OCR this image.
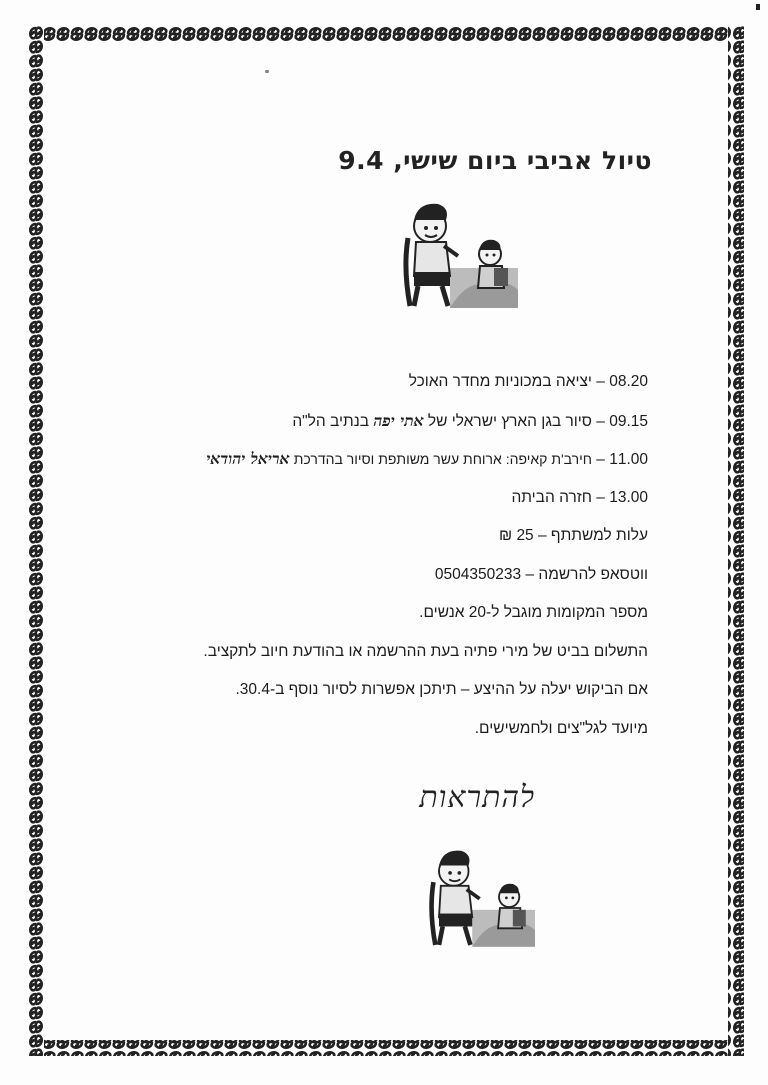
טיול אביבי ביום שישי, 9.4
08.20 – יציאה במכוניות מחדר האוכל
09.15 – סיור בגן הארץ ישראלי של אתי יפה בנתיב הל"ה
11.00 – חירב'ת קאיפה: ארוחת עשר משותפת וסיור בהדרכת אריאל יהודאי
13.00 – חזרה הביתה
עלות למשתתף – 25 ₪
ווטסאפ להרשמה – 0504350233
מספר המקומות מוגבל ל-20 אנשים.
התשלום בביט של מירי פתיה בעת ההרשמה או בהודעת חיוב לתקציב.
אם הביקוש יעלה על ההיצע – תיתכן אפשרות לסיור נוסף ב-30.4.
מיועד לגל"צים ולחמשישים.
להתראות
